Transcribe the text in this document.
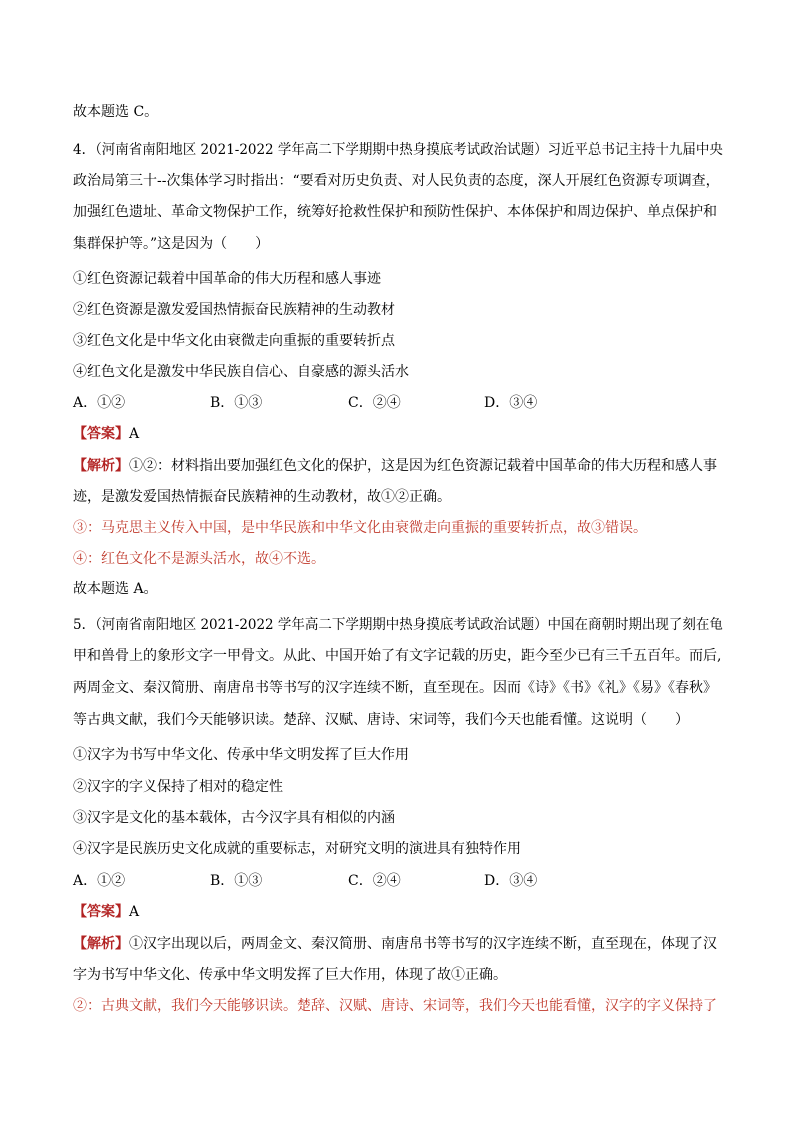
故本题选 C。
4．（河南省南阳地区 2021-2022 学年高二下学期期中热身摸底考试政治试题）习近平总书记主持十九届中央
政治局第三十--次集体学习时指出：“要看对历史负责、对人民负责的态度，深人开展红色资源专项调查，
加强红色遗址、革命文物保护工作，统筹好抢救性保护和预防性保护、本体保护和周边保护、单点保护和
集群保护等。”这是因为（　　）
①红色资源记载着中国革命的伟大历程和感人事迹
②红色资源是激发爱国热情振奋民族精神的生动教材
③红色文化是中华文化由衰微走向重振的重要转折点
④红色文化是激发中华民族自信心、自豪感的源头活水
A．①②	B．①③	C．②④	D．③④
【答案】A
【解析】①②：材料指出要加强红色文化的保护，这是因为红色资源记载着中国革命的伟大历程和感人事
迹，是激发爱国热情振奋民族精神的生动教材，故①②正确。
③：马克思主义传入中国，是中华民族和中华文化由衰微走向重振的重要转折点，故③错误。
④：红色文化不是源头活水，故④不选。
故本题选 A。
5．（河南省南阳地区 2021-2022 学年高二下学期期中热身摸底考试政治试题）中国在商朝时期出现了刻在龟
甲和兽骨上的象形文字一甲骨文。从此、中国开始了有文字记载的历史，距今至少已有三千五百年。而后,
两周金文、秦汉简册、南唐帛书等书写的汉字连续不断，直至现在。因而《诗》《书》《礼》《易》《春秋》
等古典文献，我们今天能够识读。楚辞、汉赋、唐诗、宋词等，我们今天也能看懂。这说明（　　）
①汉字为书写中华文化、传承中华文明发挥了巨大作用
②汉字的字义保持了相对的稳定性
③汉字是文化的基本载体，古今汉字具有相似的内涵
④汉字是民族历史文化成就的重要标志，对研究文明的演进具有独特作用
A．①②	B．①③	C．②④	D．③④
【答案】A
【解析】①汉字出现以后，两周金文、秦汉简册、南唐帛书等书写的汉字连续不断，直至现在，体现了汉
字为书写中华文化、传承中华文明发挥了巨大作用，体现了故①正确。
②：古典文献，我们今天能够识读。楚辞、汉赋、唐诗、宋词等，我们今天也能看懂，汉字的字义保持了
